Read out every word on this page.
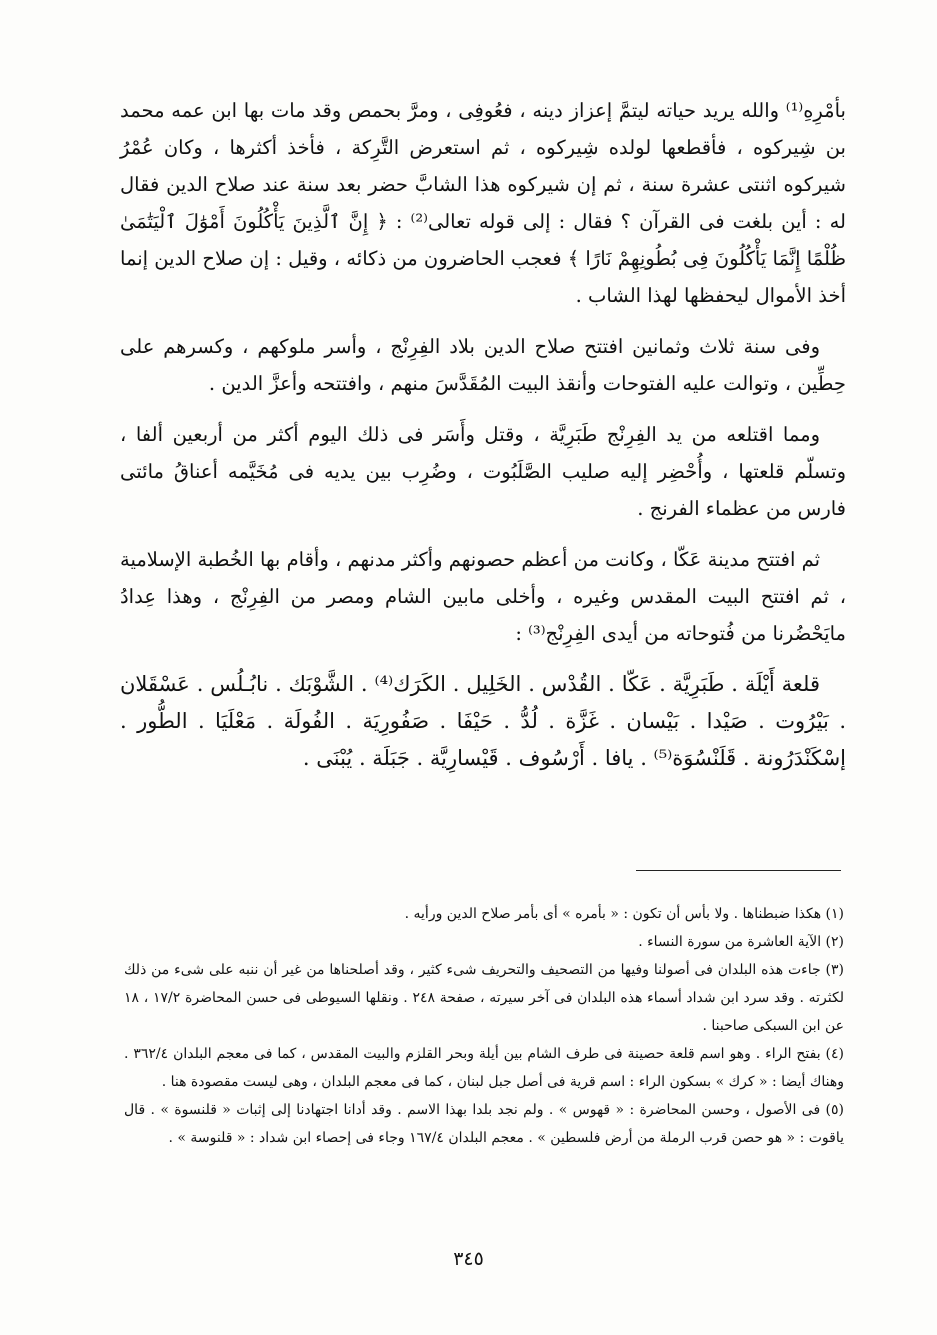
بأمْرِهِ⁽¹⁾ والله يريد حياته ليتمَّ إعزاز دينه ، فعُوفِى ، ومرَّ بحمص وقد مات بها ابن عمه محمد بن شِيركوه ، فأقطعها لولده شِيركوه ، ثم استعرض التَّرِكة ، فأخذ أكثرها ، وكان عُمْرُ شيركوه اثنتى عشرة سنة ، ثم إن شيركوه هذا الشابَّ حضر بعد سنة عند صلاح الدين فقال له : أين بلغت فى القرآن ؟ فقال : إلى قوله تعالى⁽²⁾ : ﴿ إِنَّ ٱلَّذِينَ يَأْكُلُونَ أَمْوَٰلَ ٱلْيَتَٰمَىٰ ظُلْمًا إِنَّمَا يَأْكُلُونَ فِى بُطُونِهِمْ نَارًا ﴾ فعجب الحاضرون من ذكائه ، وقيل : إن صلاح الدين إنما أخذ الأموال ليحفظها لهذا الشاب .

وفى سنة ثلاث وثمانين افتتح صلاح الدين بلاد الفِرِنْج ، وأسر ملوكهم ، وكسرهم على حِطِّين ، وتوالت عليه الفتوحات وأنقذ البيت المُقَدَّسَ منهم ، وافتتحه وأعزَّ الدين .

ومما اقتلعه من يد الفِرِنْج طَبَرِيَّة ، وقتل وأَسَر فى ذلك اليوم أكثر من أربعين ألفا ، وتسلّم قلعتها ، وأُحْضِر إليه صليب الصَّلَبُوت ، وضُرِب بين يديه فى مُخَيَّمه أعناقُ مائتى فارس من عظماء الفرنج .

ثم افتتح مدينة عَكّا ، وكانت من أعظم حصونهم وأكثر مدنهم ، وأقام بها الخُطبة الإسلامية ، ثم افتتح البيت المقدس وغيره ، وأخلى مابين الشام ومصر من الفِرِنْج ، وهذا عِدادُ مايَحْضُرنا من فُتوحاته من أيدى الفِرِنْج⁽³⁾ :

قلعة أَيْلَة . طَبَرِيَّة . عَكّا . القُدْس . الخَلِيل . الكَرَك⁽⁴⁾ . الشَّوْبَك . نابُـلُس . عَسْقَلان . بَيْرُوت . صَيْدا . بَيْسان . غَزَّة . لُدُّ . حَيْفَا . صَفُورِيَة . الفُولَة . مَعْلَيَا . الطُّور . إسْكَنْدَرُونة . قَلَنْسُوَة⁽⁵⁾ . يافا . أَرْسُوف . قَيْسارِيَّة . جَبَلَة . يُبْنَى .

(١) هكذا ضبطناها . ولا بأس أن تكون : « بأمره » أى بأمر صلاح الدين ورأيه .

(٢) الآية العاشرة من سورة النساء .

(٣) جاءت هذه البلدان فى أصولنا وفيها من التصحيف والتحريف شىء كثير ، وقد أصلحناها من غير أن ننبه على شىء من ذلك لكثرته . وقد سرد ابن شداد أسماء هذه البلدان فى آخر سيرته ، صفحة ٢٤٨ . ونقلها السيوطى فى حسن المحاضرة ١٧/٢ ، ١٨ عن ابن السبكى صاحبنا .

(٤) بفتح الراء . وهو اسم قلعة حصينة فى طرف الشام بين أيلة وبحر القلزم والبيت المقدس ، كما فى معجم البلدان ٣٦٢/٤ . وهناك أيضا : « كرك » بسكون الراء : اسم قرية فى أصل جبل لبنان ، كما فى معجم البلدان ، وهى ليست مقصودة هنا .

(٥) فى الأصول ، وحسن المحاضرة : « قهوس » . ولم نجد بلدا بهذا الاسم . وقد أدانا اجتهادنا إلى إثبات « قلنسوة » . قال ياقوت : « هو حصن قرب الرملة من أرض فلسطين » . معجم البلدان ١٦٧/٤ وجاء فى إحصاء ابن شداد : « قلنوسة » .

٣٤٥
